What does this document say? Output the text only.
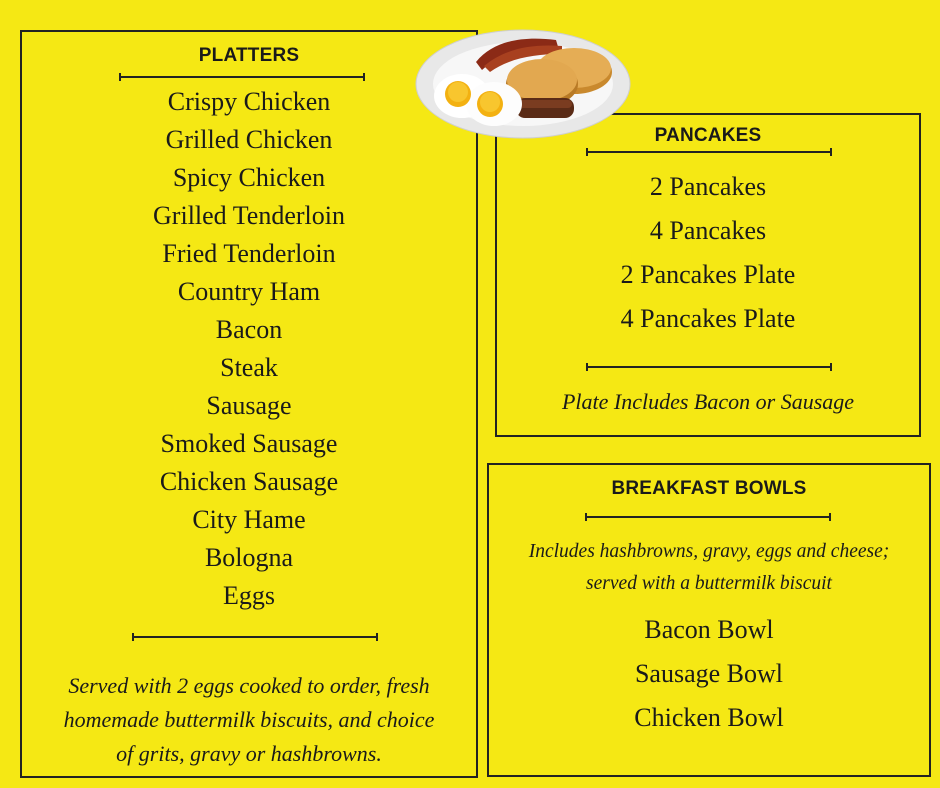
PLATTERS
Crispy Chicken
Grilled Chicken
Spicy Chicken
Grilled Tenderloin
Fried Tenderloin
Country Ham
Bacon
Steak
Sausage
Smoked Sausage
Chicken Sausage
City Hame
Bologna
Eggs
Served with 2 eggs cooked to order, fresh
homemade buttermilk biscuits, and choice
of grits, gravy or hashbrowns.
PANCAKES
2 Pancakes
4 Pancakes
2 Pancakes Plate
4 Pancakes Plate
Plate Includes Bacon or Sausage
BREAKFAST BOWLS
Includes hashbrowns, gravy, eggs and cheese;
served with a buttermilk biscuit
Bacon Bowl
Sausage Bowl
Chicken Bowl
